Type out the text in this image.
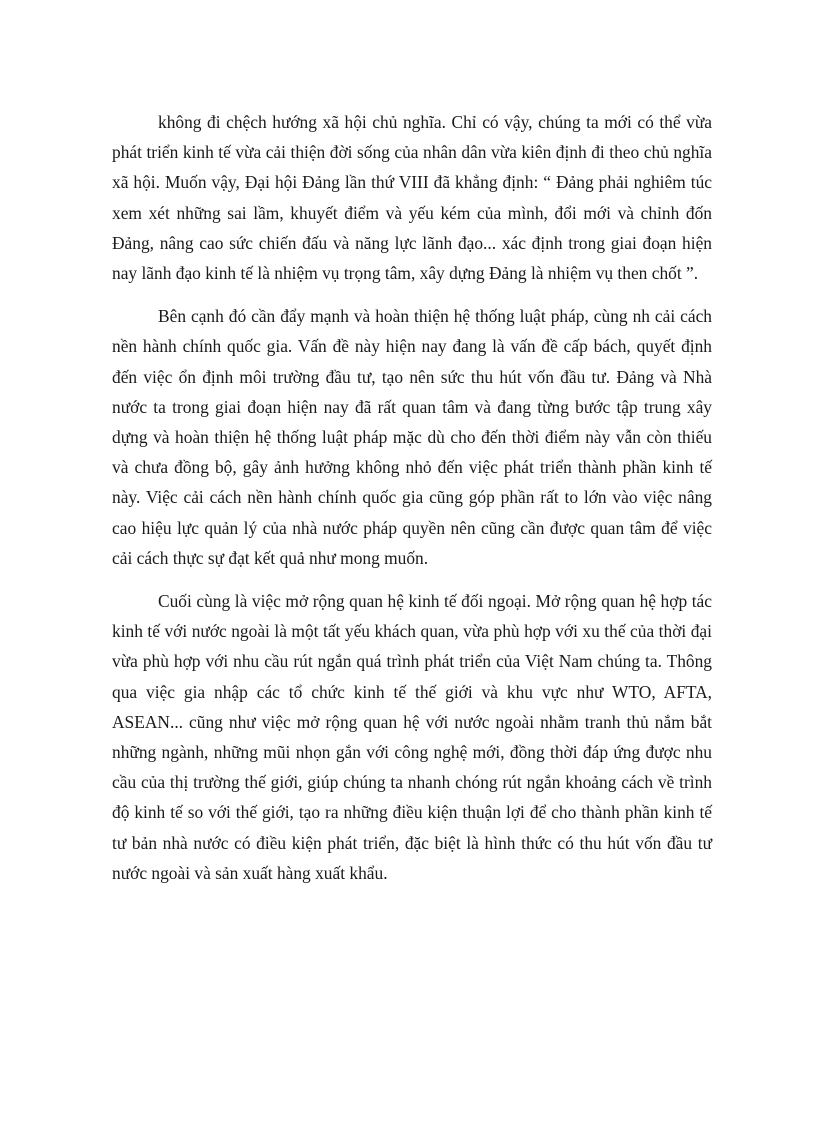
không đi chệch hướng xã hội chủ nghĩa. Chỉ có vậy, chúng ta mới có thể vừa phát triển kinh tế vừa cải thiện đời sống của nhân dân vừa kiên định đi theo chủ nghĩa xã hội. Muốn vậy, Đại hội Đảng lần thứ VIII đã khẳng định: “ Đảng phải nghiêm túc xem xét những sai lầm, khuyết điểm và yếu kém của mình, đổi mới và chỉnh đốn Đảng, nâng cao sức chiến đấu và năng lực lãnh đạo... xác định trong giai đoạn hiện nay lãnh đạo kinh tế là nhiệm vụ trọng tâm, xây dựng Đảng là nhiệm vụ then chốt ”.

Bên cạnh đó cần đẩy mạnh và hoàn thiện hệ thống luật pháp, cùng nh cải cách nền hành chính quốc gia. Vấn đề này hiện nay đang là vấn đề cấp bách, quyết định đến việc ổn định môi trường đầu tư, tạo nên sức thu hút vốn đầu tư. Đảng và Nhà nước ta trong giai đoạn hiện nay đã rất quan tâm và đang từng bước tập trung xây dựng và hoàn thiện hệ thống luật pháp mặc dù cho đến thời điểm này vẫn còn thiếu và chưa đồng bộ, gây ảnh hưởng không nhỏ đến việc phát triển thành phần kinh tế này. Việc cải cách nền hành chính quốc gia cũng góp phần rất to lớn vào việc nâng cao hiệu lực quản lý của nhà nước pháp quyền nên cũng cần được quan tâm để việc cải cách thực sự đạt kết quả như mong muốn.

Cuối cùng là việc mở rộng quan hệ kinh tế đối ngoại. Mở rộng quan hệ hợp tác kinh tế với nước ngoài là một tất yếu khách quan, vừa phù hợp với xu thế của thời đại vừa phù hợp với nhu cầu rút ngắn quá trình phát triển của Việt Nam chúng ta. Thông qua việc gia nhập các tổ chức kinh tế thế giới và khu vực như WTO, AFTA, ASEAN... cũng như việc mở rộng quan hệ với nước ngoài nhằm tranh thủ nắm bắt những ngành, những mũi nhọn gắn với công nghệ mới, đồng thời đáp ứng được nhu cầu của thị trường thế giới, giúp chúng ta nhanh chóng rút ngắn khoảng cách về trình độ kinh tế so với thế giới, tạo ra những điều kiện thuận lợi để cho thành phần kinh tế tư bản nhà nước có điều kiện phát triển, đặc biệt là hình thức có thu hút vốn đầu tư nước ngoài và sản xuất hàng xuất khẩu.
